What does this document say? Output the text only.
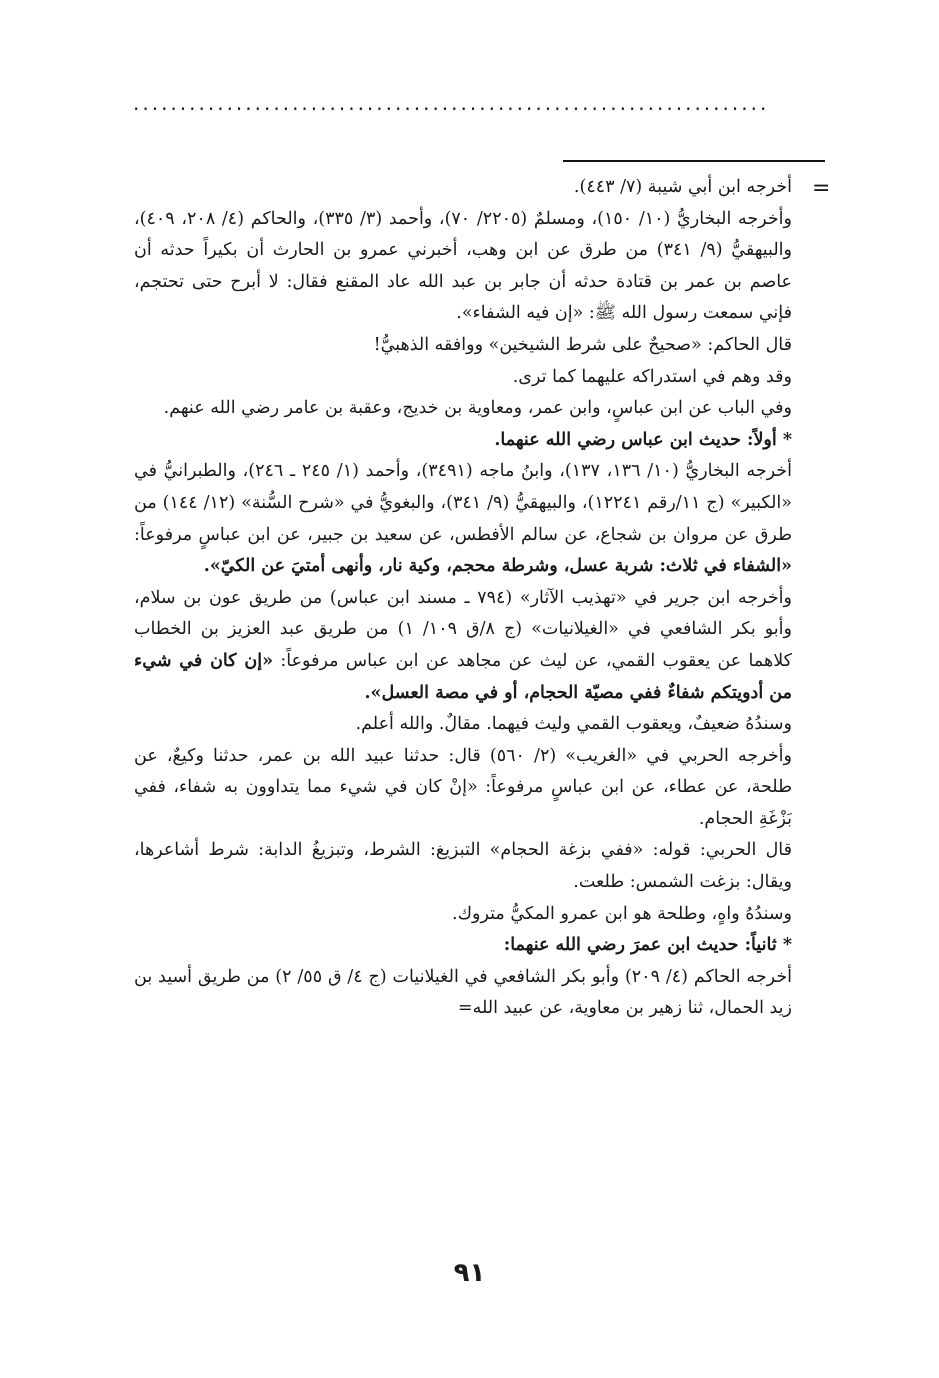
....................................................................
=

أخرجه ابن أبي شيبة (٧/ ٤٤٣).

وأخرجه البخاريُّ (١٠/ ١٥٠)، ومسلمٌ (٢٢٠٥/ ٧٠)، وأحمد (٣/ ٣٣٥)، والحاكم (٤/ ٢٠٨، ٤٠٩)، والبيهقيُّ (٩/ ٣٤١) من طرق عن ابن وهب، أخبرني عمرو بن الحارث أن بكيراً حدثه أن عاصم بن عمر بن قتادة حدثه أن جابر بن عبد الله عاد المقنع فقال: لا أبرح حتى تحتجم، فإني سمعت رسول الله ﷺ: «إن فيه الشفاء».

قال الحاكم: «صحيحٌ على شرط الشيخين» ووافقه الذهبيُّ!

وقد وهم في استدراكه عليهما كما ترى.

وفي الباب عن ابن عباسٍ، وابن عمر، ومعاوية بن خديج، وعقبة بن عامر رضي الله عنهم.

* أولاً: حديث ابن عباس رضي الله عنهما.

أخرجه البخاريُّ (١٠/ ١٣٦، ١٣٧)، وابنُ ماجه (٣٤٩١)، وأحمد (١/ ٢٤٥ ـ ٢٤٦)، والطبرانيُّ في «الكبير» (ج ١١/رقم ١٢٢٤١)، والبيهقيُّ (٩/ ٣٤١)، والبغويُّ في «شرح السُّنة» (١٢/ ١٤٤) من طرق عن مروان بن شجاع، عن سالم الأفطس، عن سعيد بن جبير، عن ابن عباسٍ مرفوعاً: «الشفاء في ثلاث: شربة عسل، وشرطة محجم، وكية نار، وأنهى أمتيَ عن الكيّ».

وأخرجه ابن جرير في «تهذيب الآثار» (٧٩٤ ـ مسند ابن عباس) من طريق عون بن سلام، وأبو بكر الشافعي في «الغيلانيات» (ج ٨/ق ١٠٩/ ١) من طريق عبد العزيز بن الخطاب كلاهما عن يعقوب القمي، عن ليث عن مجاهد عن ابن عباس مرفوعاً: «إن كان في شيء من أدويتكم شفاءٌ ففي مصيّة الحجام، أو في مصة العسل».

وسندُهُ ضعيفٌ، ويعقوب القمي وليث فيهما. مقالٌ. والله أعلم.

وأخرجه الحربي في «الغريب» (٢/ ٥٦٠) قال: حدثنا عبيد الله بن عمر، حدثنا وكيعٌ، عن طلحة، عن عطاء، عن ابن عباسٍ مرفوعاً: «إنْ كان في شيء مما يتداوون به شفاء، ففي بَزْغَةِ الحجام.

قال الحربي: قوله: «ففي بزغة الحجام» التبزيغ: الشرط، وتبزيغُ الدابة: شرط أشاعرها، ويقال: بزغت الشمس: طلعت.

وسندُهُ واهٍ، وطلحة هو ابن عمرو المكيُّ متروك.

* ثانياً: حديث ابن عمرَ رضي الله عنهما:

أخرجه الحاكم (٤/ ٢٠٩) وأبو بكر الشافعي في الغيلانيات (ج ٤/ ق ٥٥/ ٢) من طريق أسيد بن زيد الحمال، ثنا زهير بن معاوية، عن عبيد الله=

٩١
